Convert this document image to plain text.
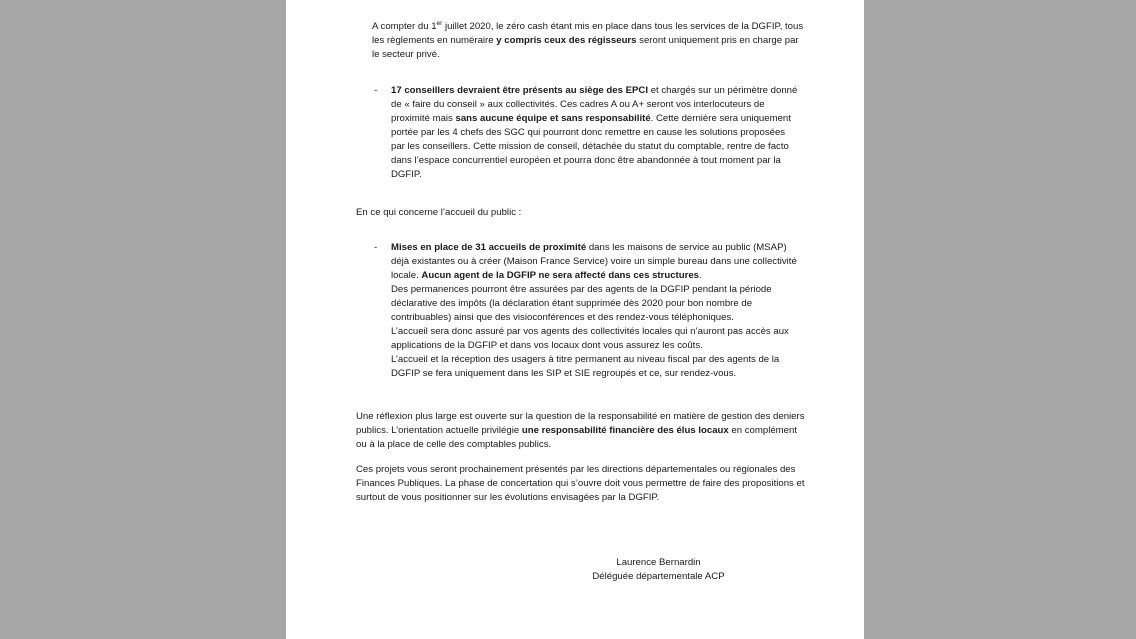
A compter du 1er juillet 2020, le zéro cash étant mis en place dans tous les services de la DGFIP, tous les règlements en numéraire y compris ceux des régisseurs seront uniquement pris en charge par le secteur privé.

- 17 conseillers devraient être présents au siège des EPCI et chargés sur un périmètre donné de « faire du conseil » aux collectivités. Ces cadres A ou A+ seront vos interlocuteurs de proximité mais sans aucune équipe et sans responsabilité. Cette dernière sera uniquement portée par les 4 chefs des SGC qui pourront donc remettre en cause les solutions proposées par les conseillers. Cette mission de conseil, détachée du statut du comptable, rentre de facto dans l’espace concurrentiel européen et pourra donc être abandonnée à tout moment par la DGFIP.

En ce qui concerne l’accueil du public :

- Mises en place de 31 accueils de proximité dans les maisons de service au public (MSAP) déjà existantes ou à créer (Maison France Service) voire un simple bureau dans une collectivité locale. Aucun agent de la DGFIP ne sera affecté dans ces structures.
Des permanences pourront être assurées par des agents de la DGFIP pendant la période déclarative des impôts (la déclaration étant supprimée dès 2020 pour bon nombre de contribuables) ainsi que des visioconférences et des rendez-vous téléphoniques.
L’accueil sera donc assuré par vos agents des collectivités locales qui n’auront pas accès aux applications de la DGFIP et dans vos locaux dont vous assurez les coûts.
L’accueil et la réception des usagers à titre permanent au niveau fiscal par des agents de la DGFIP se fera uniquement dans les SIP et SIE regroupés et ce, sur rendez-vous.

Une réflexion plus large est ouverte sur la question de la responsabilité en matière de gestion des deniers publics. L’orientation actuelle privilégie une responsabilité financière des élus locaux en complément ou à la place de celle des comptables publics.

Ces projets vous seront prochainement présentés par les directions départementales ou régionales des Finances Publiques. La phase de concertation qui s’ouvre doit vous permettre de faire des propositions et surtout de vous positionner sur les évolutions envisagées par la DGFIP.

Laurence Bernardin
Déléguée départementale ACP
